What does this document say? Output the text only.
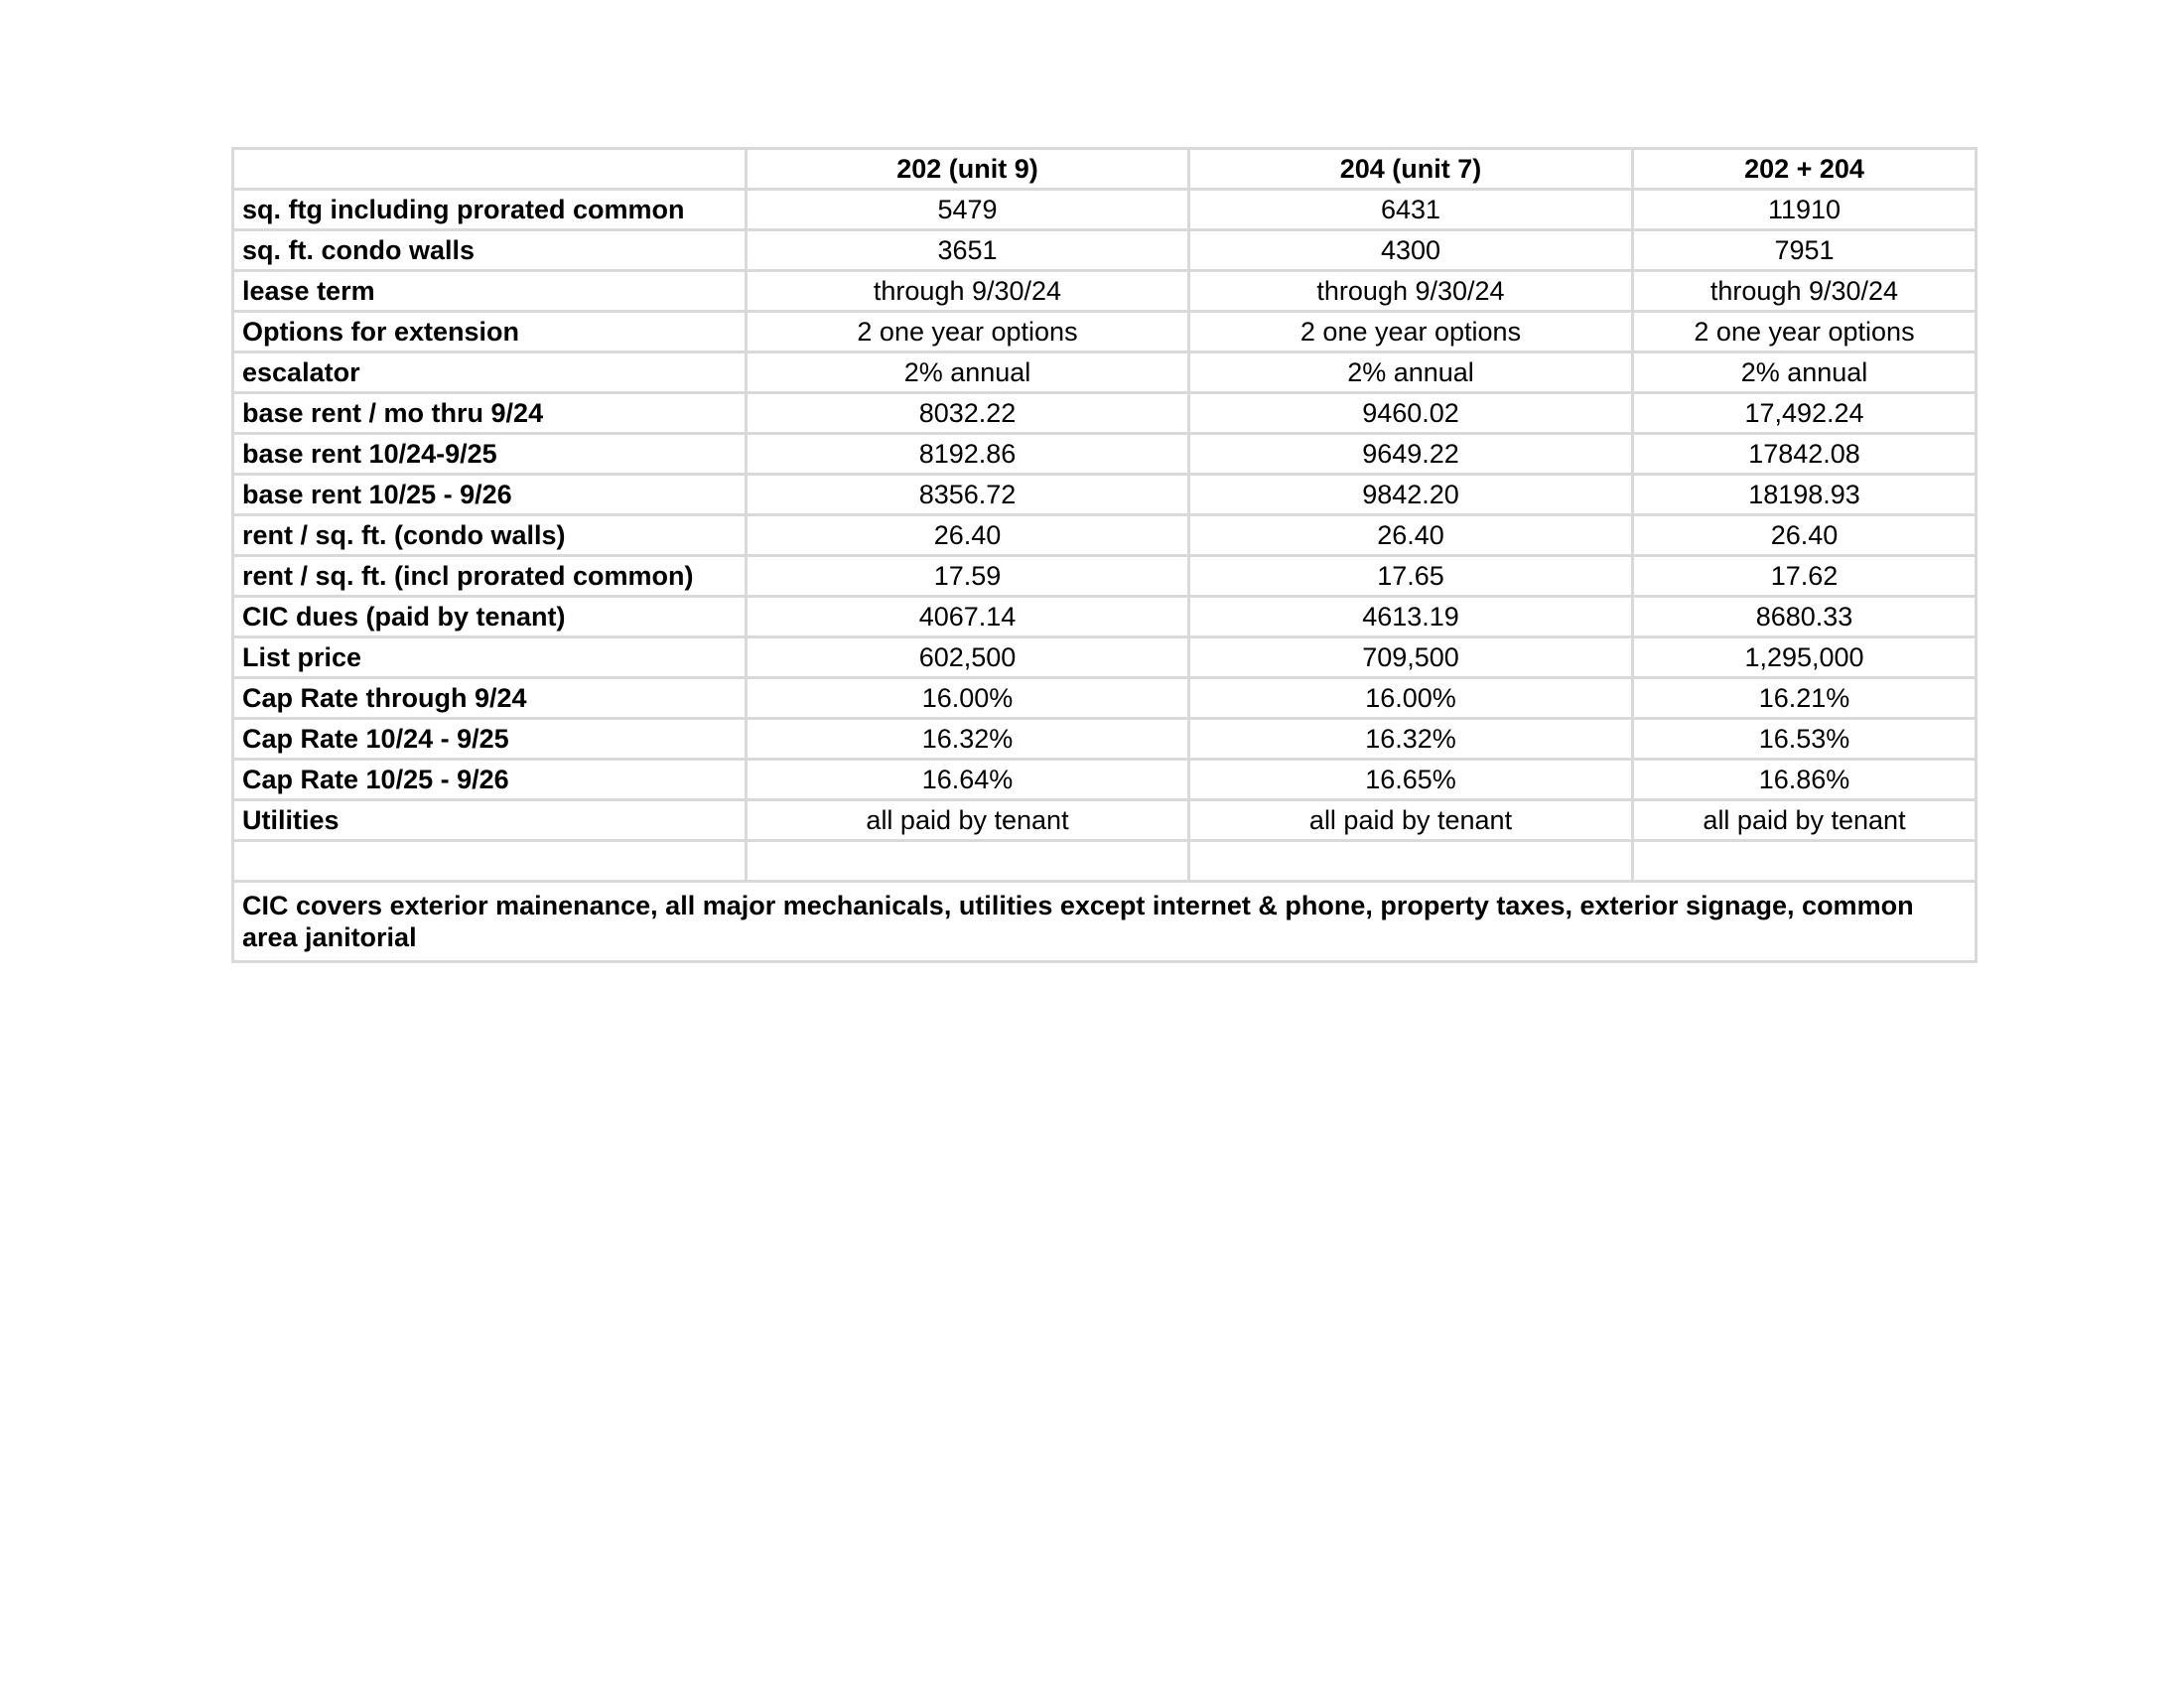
	202 (unit 9)	204 (unit 7)	202 + 204
sq. ftg including prorated common	5479	6431	11910
sq. ft. condo walls	3651	4300	7951
lease term	through 9/30/24	through 9/30/24	through 9/30/24
Options for extension	2 one year options	2 one year options	2 one year options
escalator	2% annual	2% annual	2% annual
base rent / mo thru 9/24	8032.22	9460.02	17,492.24
base rent 10/24-9/25	8192.86	9649.22	17842.08
base rent 10/25 - 9/26	8356.72	9842.20	18198.93
rent / sq. ft. (condo walls)	26.40	26.40	26.40
rent / sq. ft. (incl prorated common)	17.59	17.65	17.62
CIC dues (paid by tenant)	4067.14	4613.19	8680.33
List price	602,500	709,500	1,295,000
Cap Rate through 9/24	16.00%	16.00%	16.21%
Cap Rate 10/24 - 9/25	16.32%	16.32%	16.53%
Cap Rate 10/25 - 9/26	16.64%	16.65%	16.86%
Utilities	all paid by tenant	all paid by tenant	all paid by tenant

CIC covers exterior mainenance, all major mechanicals, utilities except internet & phone, property taxes, exterior signage, common area janitorial			
